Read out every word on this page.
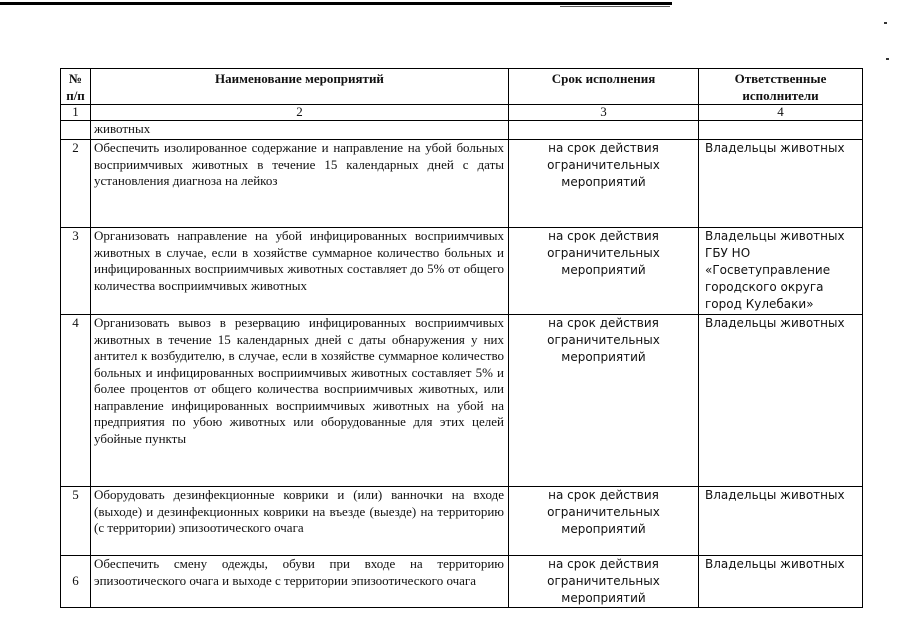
№ п/п	Наименование мероприятий	Срок исполнения	Ответственные исполнители
1	2	3	4
	животных		
2	Обеспечить изолированное содержание и направление на убой больных восприимчивых животных в течение 15 календарных дней с даты установления диагноза на лейкоз	на срок действия ограничительных мероприятий	Владельцы животных
3	Организовать направление на убой инфицированных восприимчивых животных в случае, если в хозяйстве суммарное количество больных и инфицированных восприимчивых животных составляет до 5% от общего количества восприимчивых животных	на срок действия ограничительных мероприятий	Владельцы животных ГБУ НО «Госветуправление городского округа город Кулебаки»
4	Организовать вывоз в резервацию инфицированных восприимчивых животных в течение 15 календарных дней с даты обнаружения у них антител к возбудителю, в случае, если в хозяйстве суммарное количество больных и инфицированных восприимчивых животных составляет 5% и более процентов от общего количества восприимчивых животных, или направление инфицированных восприимчивых животных на убой на предприятия по убою животных или оборудованные для этих целей убойные пункты	на срок действия ограничительных мероприятий	Владельцы животных
5	Оборудовать дезинфекционные коврики и (или) ванночки на входе (выходе) и дезинфекционных коврики на въезде (выезде) на территорию (с территории) эпизоотического очага	на срок действия ограничительных мероприятий	Владельцы животных
6	Обеспечить смену одежды, обуви при входе на территорию эпизоотического очага и выходе с территории эпизоотического очага	на срок действия ограничительных мероприятий	Владельцы животных
